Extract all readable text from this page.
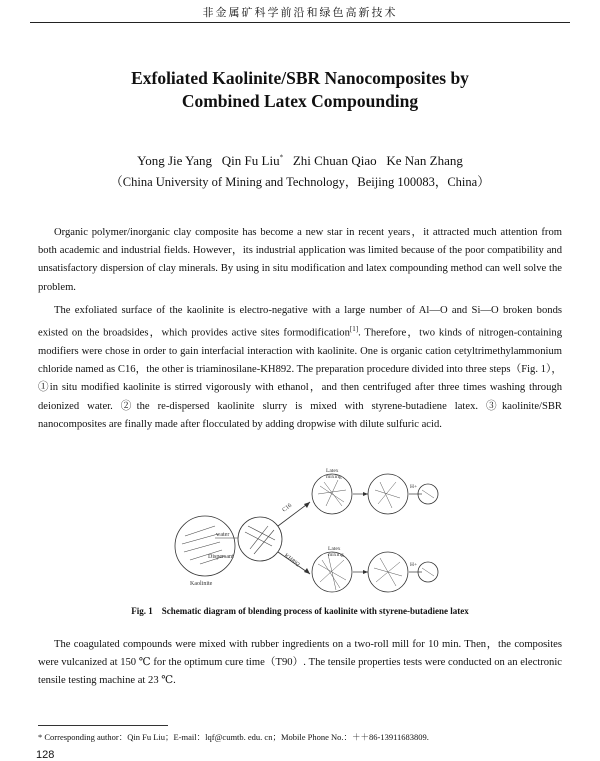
非金属矿科学前沿和绿色高新技术
Exfoliated Kaolinite/SBR Nanocomposites by
Combined Latex Compounding
Yong Jie Yang Qin Fu Liu* Zhi Chuan Qiao Ke Nan Zhang
（China University of Mining and Technology，Beijing 100083，China）

Organic polymer/inorganic clay composite has become a new star in recent years，it attracted much attention from both academic and industrial fields. However，its industrial application was limited because of the poor compatibility and unsatisfactory dispersion of clay minerals. By using in situ modification and latex compounding method can well solve the problem.

The exfoliated surface of the kaolinite is electro-negative with a large number of Al—O and Si—O broken bonds existed on the broadsides，which provides active sites formodification[1]. Therefore，two kinds of nitrogen-containing modifiers were chose in order to gain interfacial interaction with kaolinite. One is organic cation cetyltrimethylammonium chloride named as C16，the other is triaminosilane-KH892. The preparation procedure divided into three steps（Fig. 1），①in situ modified kaolinite is stirred vigorously with ethanol，and then centrifuged after three times washing through deionized water. ②the re-dispersed kaolinite slurry is mixed with styrene-butadiene latex. ③kaolinite/SBR nanocomposites are finally made after flocculated by adding dropwise with dilute sulfuric acid.

water
Dispersant
Kaolinite
C16
KH892
Latex mixing
H+
Latex mixing
H+
Fig. 1 Schematic diagram of blending process of kaolinite with styrene-butadiene latex

The coagulated compounds were mixed with rubber ingredients on a two-roll mill for 10 min. Then，the composites were vulcanized at 150 ℃ for the optimum cure time（T90）. The tensile properties tests were conducted on an electronic tensile testing machine at 23 ℃.

* Corresponding author：Qin Fu Liu；E-mail：lqf@cumtb. edu. cn；Mobile Phone No.：＋＋86-13911683809.
128
